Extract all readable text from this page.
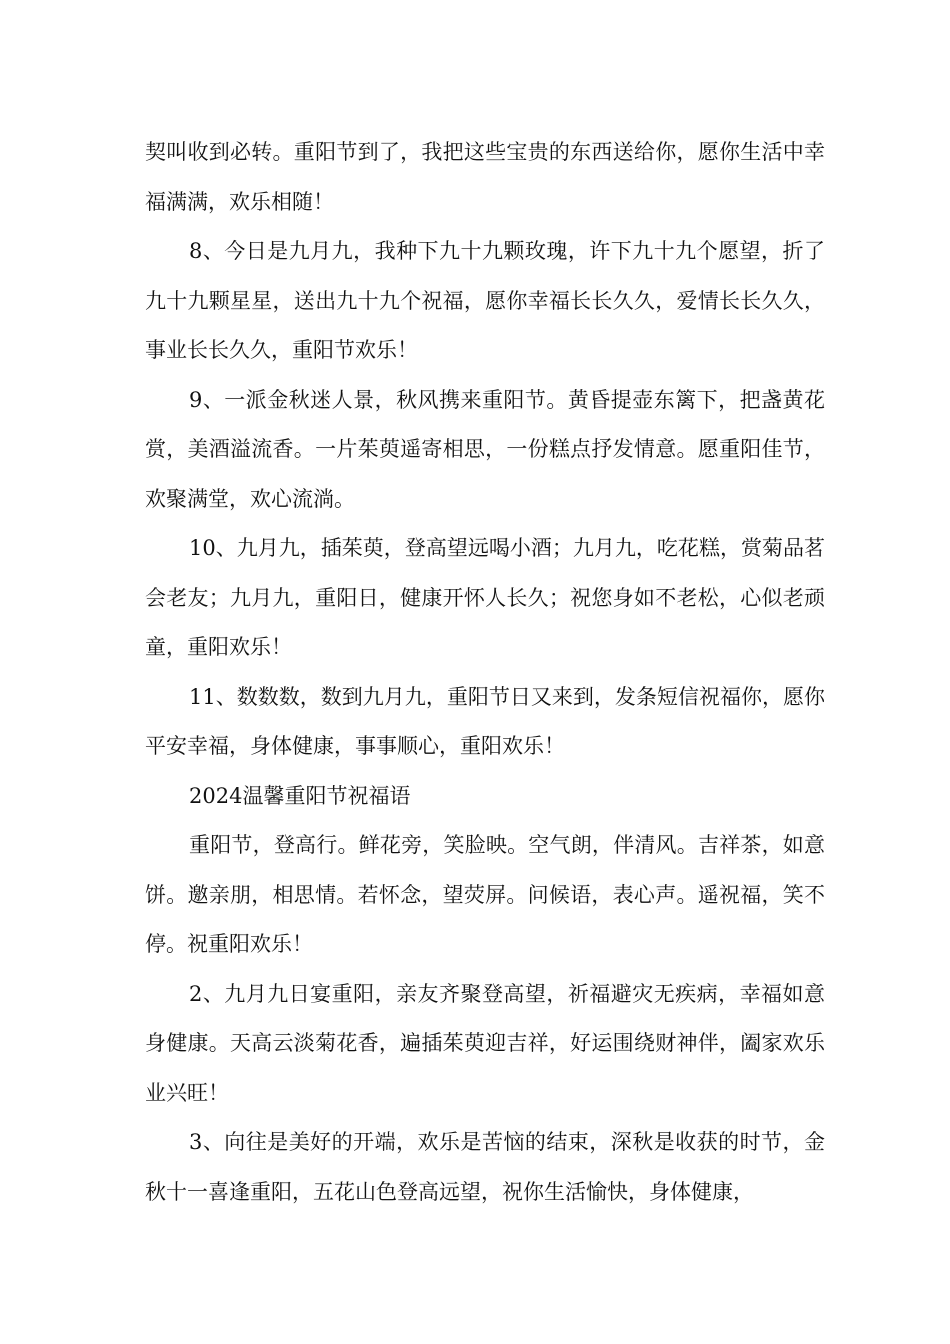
契叫收到必转。重阳节到了，我把这些宝贵的东西送给你，愿你生活中幸福满满，欢乐相随！

8、今日是九月九，我种下九十九颗玫瑰，许下九十九个愿望，折了九十九颗星星，送出九十九个祝福，愿你幸福长长久久，爱情长长久久，事业长长久久，重阳节欢乐！

9、一派金秋迷人景，秋风携来重阳节。黄昏提壶东篱下，把盏黄花赏，美酒溢流香。一片茱萸遥寄相思，一份糕点抒发情意。愿重阳佳节，欢聚满堂，欢心流淌。

10、九月九，插茱萸，登高望远喝小酒；九月九，吃花糕，赏菊品茗会老友；九月九，重阳日，健康开怀人长久；祝您身如不老松，心似老顽童，重阳欢乐！

11、数数数，数到九月九，重阳节日又来到，发条短信祝福你，愿你平安幸福，身体健康，事事顺心，重阳欢乐！

2024温馨重阳节祝福语

重阳节，登高行。鲜花旁，笑脸映。空气朗，伴清风。吉祥茶，如意饼。邀亲朋，相思情。若怀念，望荧屏。问候语，表心声。遥祝福，笑不停。祝重阳欢乐！

2、九月九日宴重阳，亲友齐聚登高望，祈福避灾无疾病，幸福如意身健康。天高云淡菊花香，遍插茱萸迎吉祥，好运围绕财神伴，阖家欢乐业兴旺！

3、向往是美好的开端，欢乐是苦恼的结束，深秋是收获的时节，金秋十一喜逢重阳，五花山色登高远望，祝你生活愉快，身体健康，
